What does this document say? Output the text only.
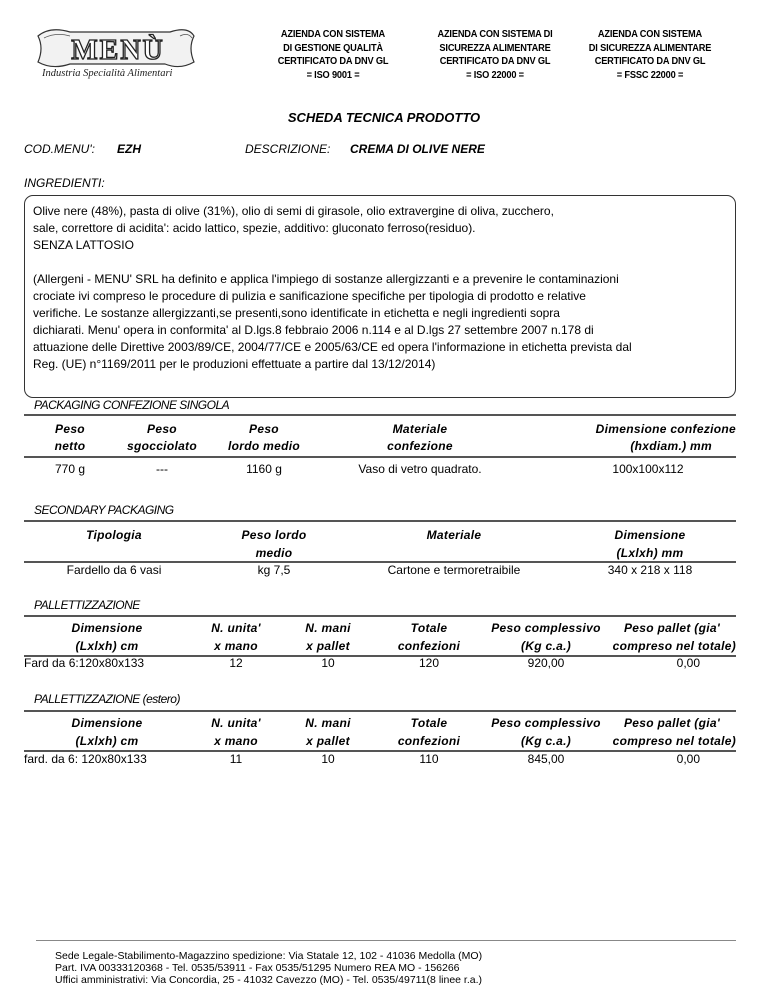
MENÙ
Industria Specialità Alimentari
AZIENDA CON SISTEMA
DI GESTIONE QUALITÀ
CERTIFICATO DA DNV GL
= ISO 9001 =
AZIENDA CON SISTEMA DI
SICUREZZA ALIMENTARE
CERTIFICATO DA DNV GL
= ISO 22000 =
AZIENDA CON SISTEMA
DI SICUREZZA ALIMENTARE
CERTIFICATO DA DNV GL
= FSSC 22000 =
SCHEDA TECNICA PRODOTTO
COD.MENU': EZH	DESCRIZIONE: CREMA DI OLIVE NERE
INGREDIENTI:

Olive nere (48%), pasta di olive (31%), olio di semi di girasole, olio extravergine di oliva, zucchero,

sale, correttore di acidita': acido lattico, spezie, additivo: gluconato ferroso(residuo).

SENZA LATTOSIO

(Allergeni - MENU' SRL ha definito e applica l'impiego di sostanze allergizzanti e a prevenire le contaminazioni

crociate ivi compreso le procedure di pulizia e sanificazione specifiche per tipologia di prodotto e relative

verifiche. Le sostanze allergizzanti,se presenti,sono identificate in etichetta e negli ingredienti sopra

dichiarati. Menu' opera in conformita' al D.lgs.8 febbraio 2006 n.114 e al D.lgs 27 settembre 2007 n.178 di

attuazione delle Direttive 2003/89/CE, 2004/77/CE e 2005/63/CE ed opera l'informazione in etichetta prevista dal

Reg. (UE) n°1169/2011 per le produzioni effettuate a partire dal 13/12/2014)

PACKAGING CONFEZIONE SINGOLA
Peso	Peso	Peso	Materiale	Dimensione confezione
netto	sgocciolato	lordo medio	confezione	(hxdiam.) mm
770 g	---	1160 g	Vaso di vetro quadrato.	100x100x112
SECONDARY PACKAGING
Tipologia	Peso lordo	Materiale	Dimensione
	medio		(Lxlxh) mm
Fardello da 6 vasi	kg 7,5	Cartone e termoretraibile	340 x 218 x 118
PALLETTIZZAZIONE
Dimensione	N. unita'	N. mani	Totale	Peso complessivo	Peso pallet (gia'
(Lxlxh) cm	x mano	x pallet	confezioni	(Kg c.a.)	compreso nel totale)
Fard da 6:120x80x133	12	10	120	920,00	0,00
PALLETTIZZAZIONE (estero)
Dimensione	N. unita'	N. mani	Totale	Peso complessivo	Peso pallet (gia'
(Lxlxh) cm	x mano	x pallet	confezioni	(Kg c.a.)	compreso nel totale)
fard. da 6: 120x80x133	11	10	110	845,00	0,00
Sede Legale-Stabilimento-Magazzino spedizione: Via Statale 12, 102 - 41036 Medolla (MO)
Part. IVA 00333120368 - Tel. 0535/53911 - Fax 0535/51295 Numero REA MO - 156266
Uffici amministrativi: Via Concordia, 25 - 41032 Cavezzo (MO) - Tel. 0535/49711(8 linee r.a.)
